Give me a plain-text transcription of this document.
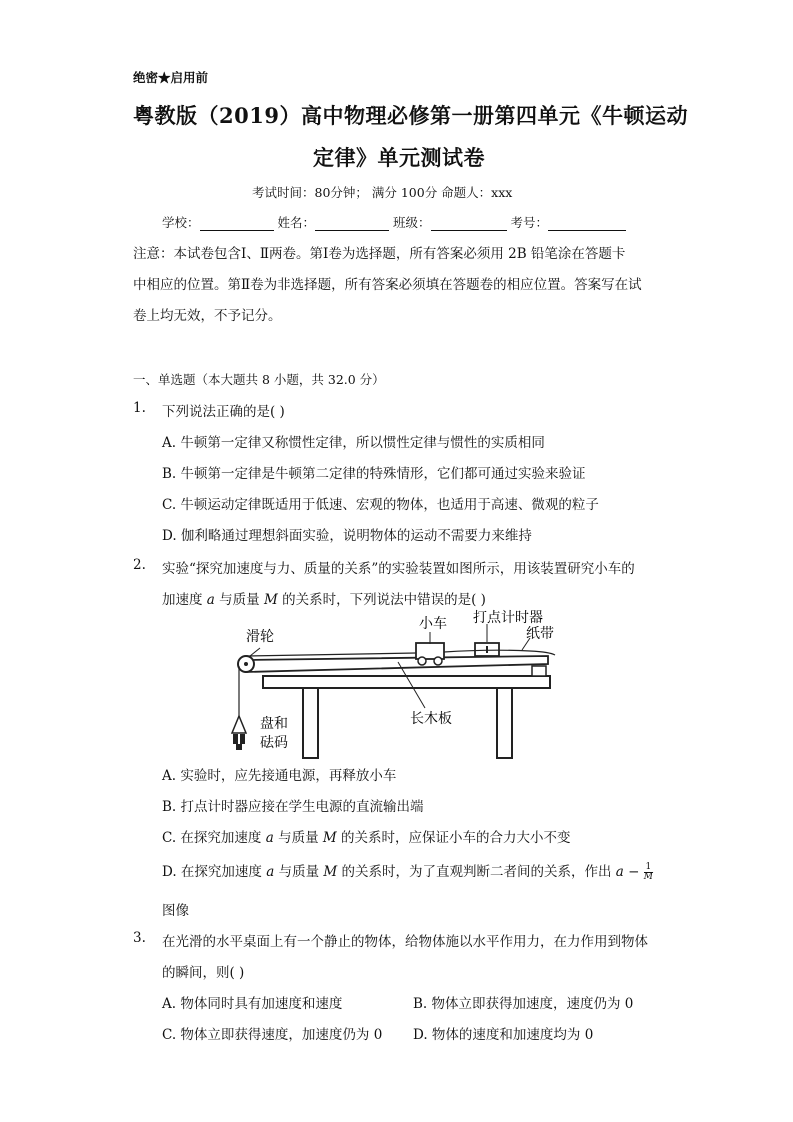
绝密★启用前
粤教版（2019）高中物理必修第一册第四单元《牛顿运动
定律》单元测试卷
考试时间：80分钟； 满分 100分 命题人：xxx
学校：	姓名：	班级：	考号：
注意：本试卷包含Ⅰ、Ⅱ两卷。第Ⅰ卷为选择题，所有答案必须用 2B 铅笔涂在答题卡
中相应的位置。第Ⅱ卷为非选择题，所有答案必须填在答题卷的相应位置。答案写在试
卷上均无效，不予记分。
一、单选题（本大题共 8 小题，共 32.0 分）
1. 下列说法正确的是( )
A. 牛顿第一定律又称惯性定律，所以惯性定律与惯性的实质相同
B. 牛顿第一定律是牛顿第二定律的特殊情形，它们都可通过实验来验证
C. 牛顿运动定律既适用于低速、宏观的物体，也适用于高速、微观的粒子
D. 伽利略通过理想斜面实验，说明物体的运动不需要力来维持
2. 实验“探究加速度与力、质量的关系”的实验装置如图所示，用该装置研究小车的
加速度 a 与质量 M 的关系时，下列说法中错误的是( )
滑轮
小车 打点计时器
纸带
长木板
盘和
砝码
A. 实验时，应先接通电源，再释放小车
B. 打点计时器应接在学生电源的直流输出端
C. 在探究加速度 a 与质量 M 的关系时，应保证小车的合力大小不变
D. 在探究加速度 a 与质量 M 的关系时，为了直观判断二者间的关系，作出 $a - \frac{1}{M}$
图像
3. 在光滑的水平桌面上有一个静止的物体，给物体施以水平作用力，在力作用到物体
的瞬间，则( )
A. 物体同时具有加速度和速度	B. 物体立即获得加速度，速度仍为 0
C. 物体立即获得速度，加速度仍为 0 D. 物体的速度和加速度均为 0
